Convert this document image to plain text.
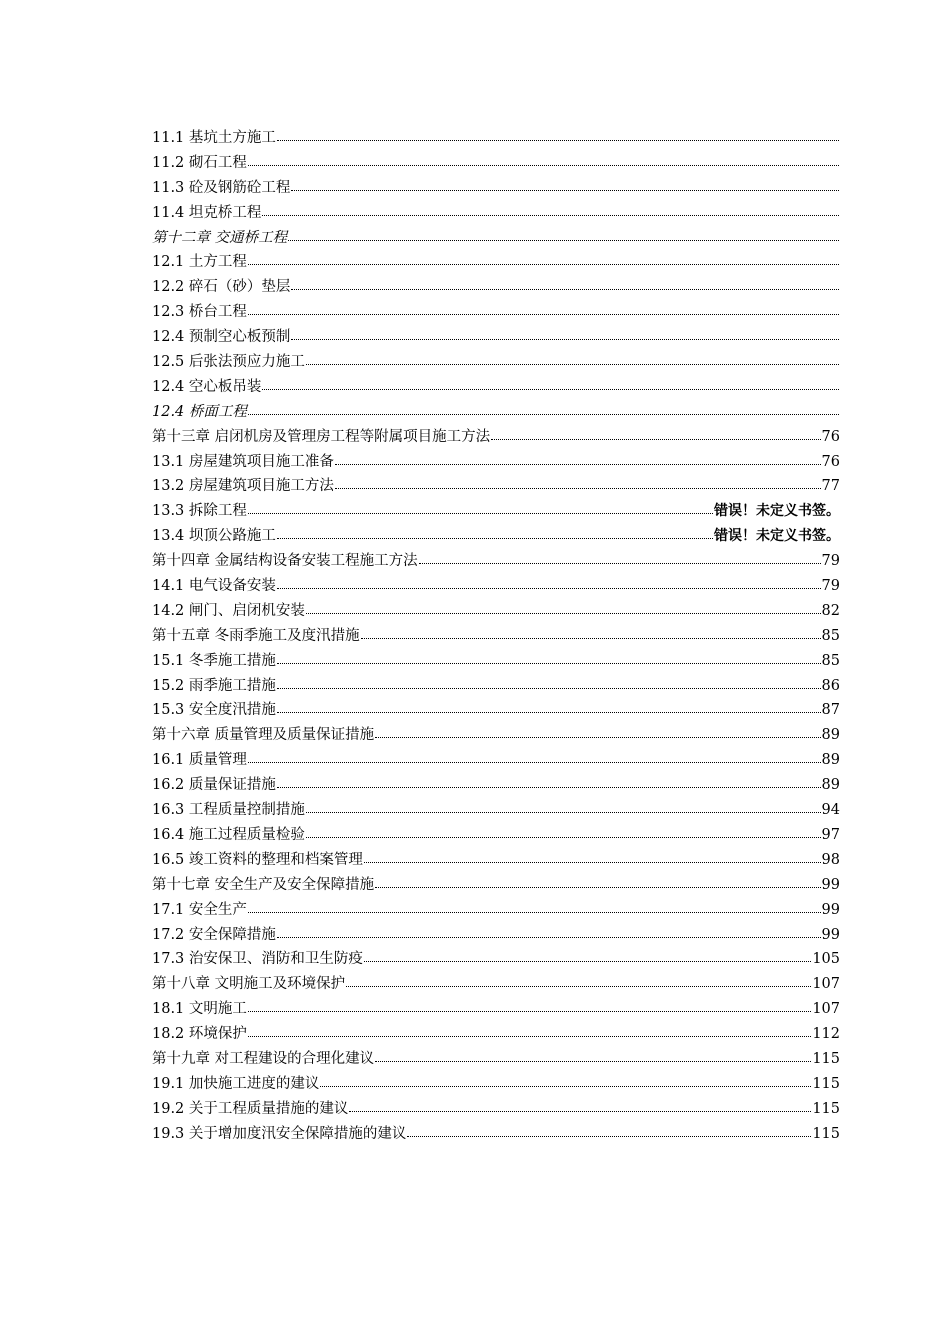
11.1 基坑土方施工
11.2 砌石工程
11.3 砼及钢筋砼工程
11.4 坦克桥工程
第十二章 交通桥工程
12.1 土方工程
12.2 碎石（砂）垫层
12.3 桥台工程
12.4 预制空心板预制
12.5 后张法预应力施工
12.4 空心板吊装
12.4 桥面工程
第十三章 启闭机房及管理房工程等附属项目施工方法	76
13.1 房屋建筑项目施工准备	76
13.2 房屋建筑项目施工方法	77
13.3 拆除工程	错误！未定义书签。
13.4 坝顶公路施工	错误！未定义书签。
第十四章 金属结构设备安装工程施工方法	79
14.1 电气设备安装	79
14.2 闸门、启闭机安装	82
第十五章 冬雨季施工及度汛措施	85
15.1 冬季施工措施	85
15.2 雨季施工措施	86
15.3 安全度汛措施	87
第十六章 质量管理及质量保证措施	89
16.1 质量管理	89
16.2 质量保证措施	89
16.3 工程质量控制措施	94
16.4 施工过程质量检验	97
16.5 竣工资料的整理和档案管理	98
第十七章 安全生产及安全保障措施	99
17.1 安全生产	99
17.2 安全保障措施	99
17.3 治安保卫、消防和卫生防疫	105
第十八章 文明施工及环境保护	107
18.1 文明施工	107
18.2 环境保护	112
第十九章 对工程建设的合理化建议	115
19.1 加快施工进度的建议	115
19.2 关于工程质量措施的建议	115
19.3 关于增加度汛安全保障措施的建议	115
